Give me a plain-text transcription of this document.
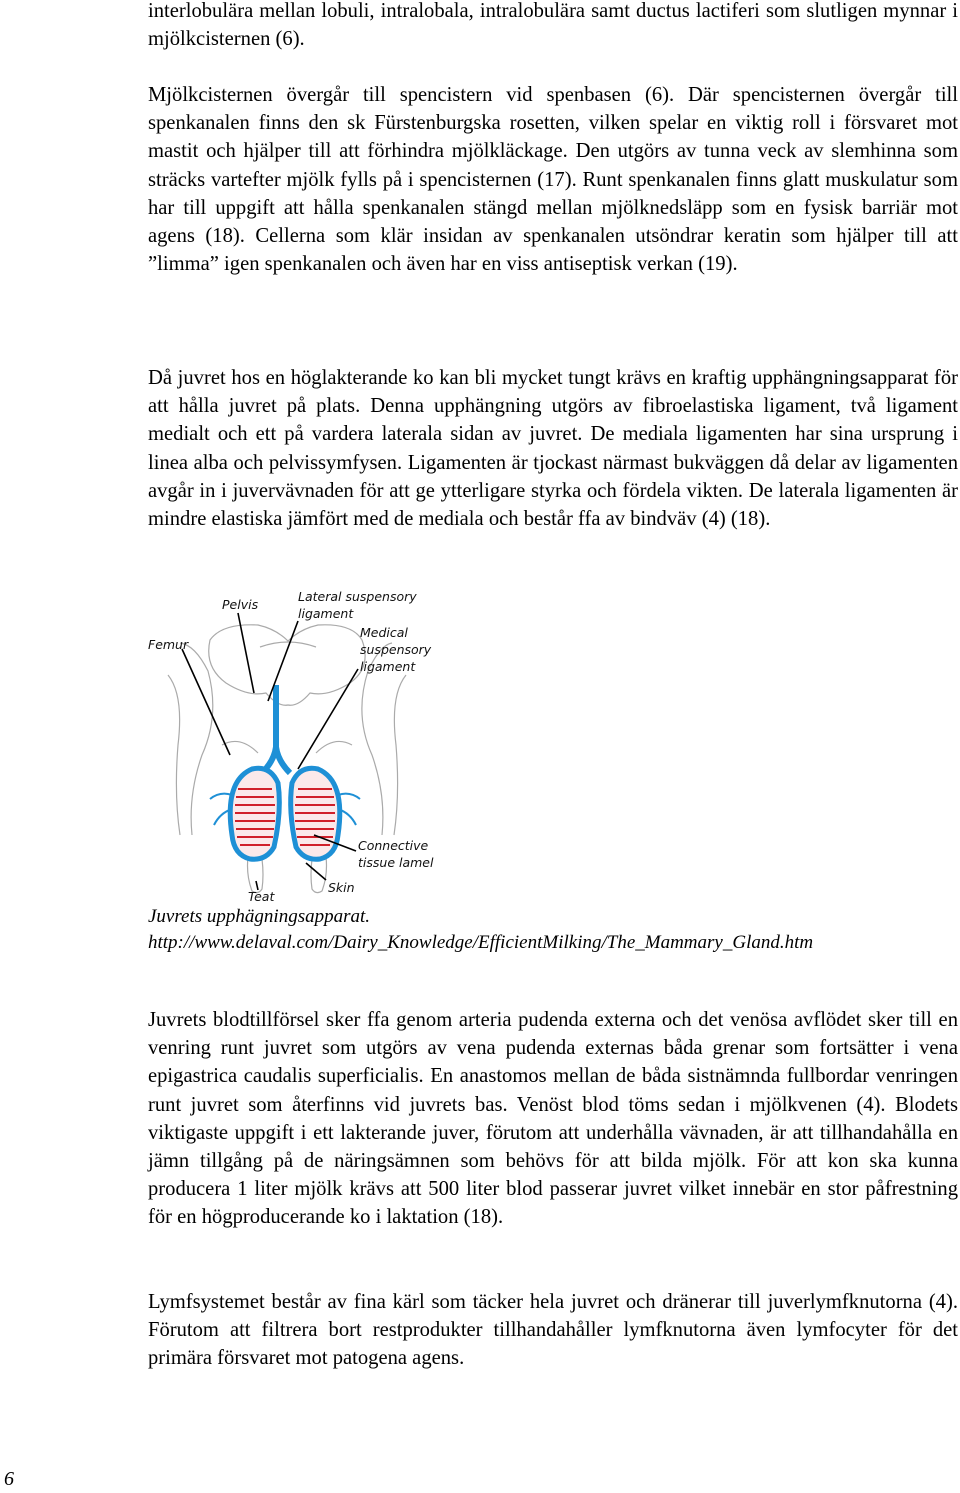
interlobulära mellan lobuli, intralobala, intralobulära samt ductus lactiferi som slutligen mynnar i mjölkcisternen (6).

Mjölkcisternen övergår till spencistern vid spenbasen (6). Där spencisternen övergår till spenkanalen finns den sk Fürstenburgska rosetten, vilken spelar en viktig roll i försvaret mot mastit och hjälper till att förhindra mjölkläckage. Den utgörs av tunna veck av slemhinna som sträcks vartefter mjölk fylls på i spencisternen (17). Runt spenkanalen finns glatt muskulatur som har till uppgift att hålla spenkanalen stängd mellan mjölknedsläpp som en fysisk barriär mot agens (18). Cellerna som klär insidan av spenkanalen utsöndrar keratin som hjälper till att ”limma” igen spenkanalen och även har en viss antiseptisk verkan (19).

Då juvret hos en höglakterande ko kan bli mycket tungt krävs en kraftig upphängningsapparat för att hålla juvret på plats. Denna upphängning utgörs av fibroelastiska ligament, två ligament medialt och ett på vardera laterala sidan av juvret. De mediala ligamenten har sina ursprung i linea alba och pelvissymfysen. Ligamenten är tjockast närmast bukväggen då delar av ligamenten avgår in i juvervävnaden för att ge ytterligare styrka och fördela vikten. De laterala ligamenten är mindre elastiska jämfört med de mediala och består ffa av bindväv (4) (18).

Pelvis
Lateral suspensory
ligament
Femur
Medical
suspensory
ligament
Connective
tissue lamel
Skin
Teat

Juvrets upphägningsapparat.

http://www.delaval.com/Dairy_Knowledge/EfficientMilking/The_Mammary_Gland.htm

Juvrets blodtillförsel sker ffa genom arteria pudenda externa och det venösa avflödet sker till en venring runt juvret som utgörs av vena pudenda externas båda grenar som fortsätter i vena epigastrica caudalis superficialis. En anastomos mellan de båda sistnämnda fullbordar venringen runt juvret som återfinns vid juvrets bas. Venöst blod töms sedan i mjölkvenen (4). Blodets viktigaste uppgift i ett lakterande juver, förutom att underhålla vävnaden, är att tillhandahålla en jämn tillgång på de näringsämnen som behövs för att bilda mjölk. För att kon ska kunna producera 1 liter mjölk krävs att 500 liter blod passerar juvret vilket innebär en stor påfrestning för en högproducerande ko i laktation (18).

Lymfsystemet består av fina kärl som täcker hela juvret och dränerar till juverlymfknutorna (4). Förutom att filtrera bort restprodukter tillhandahåller lymfknutorna även lymfocyter för det primära försvaret mot patogena agens.

6
